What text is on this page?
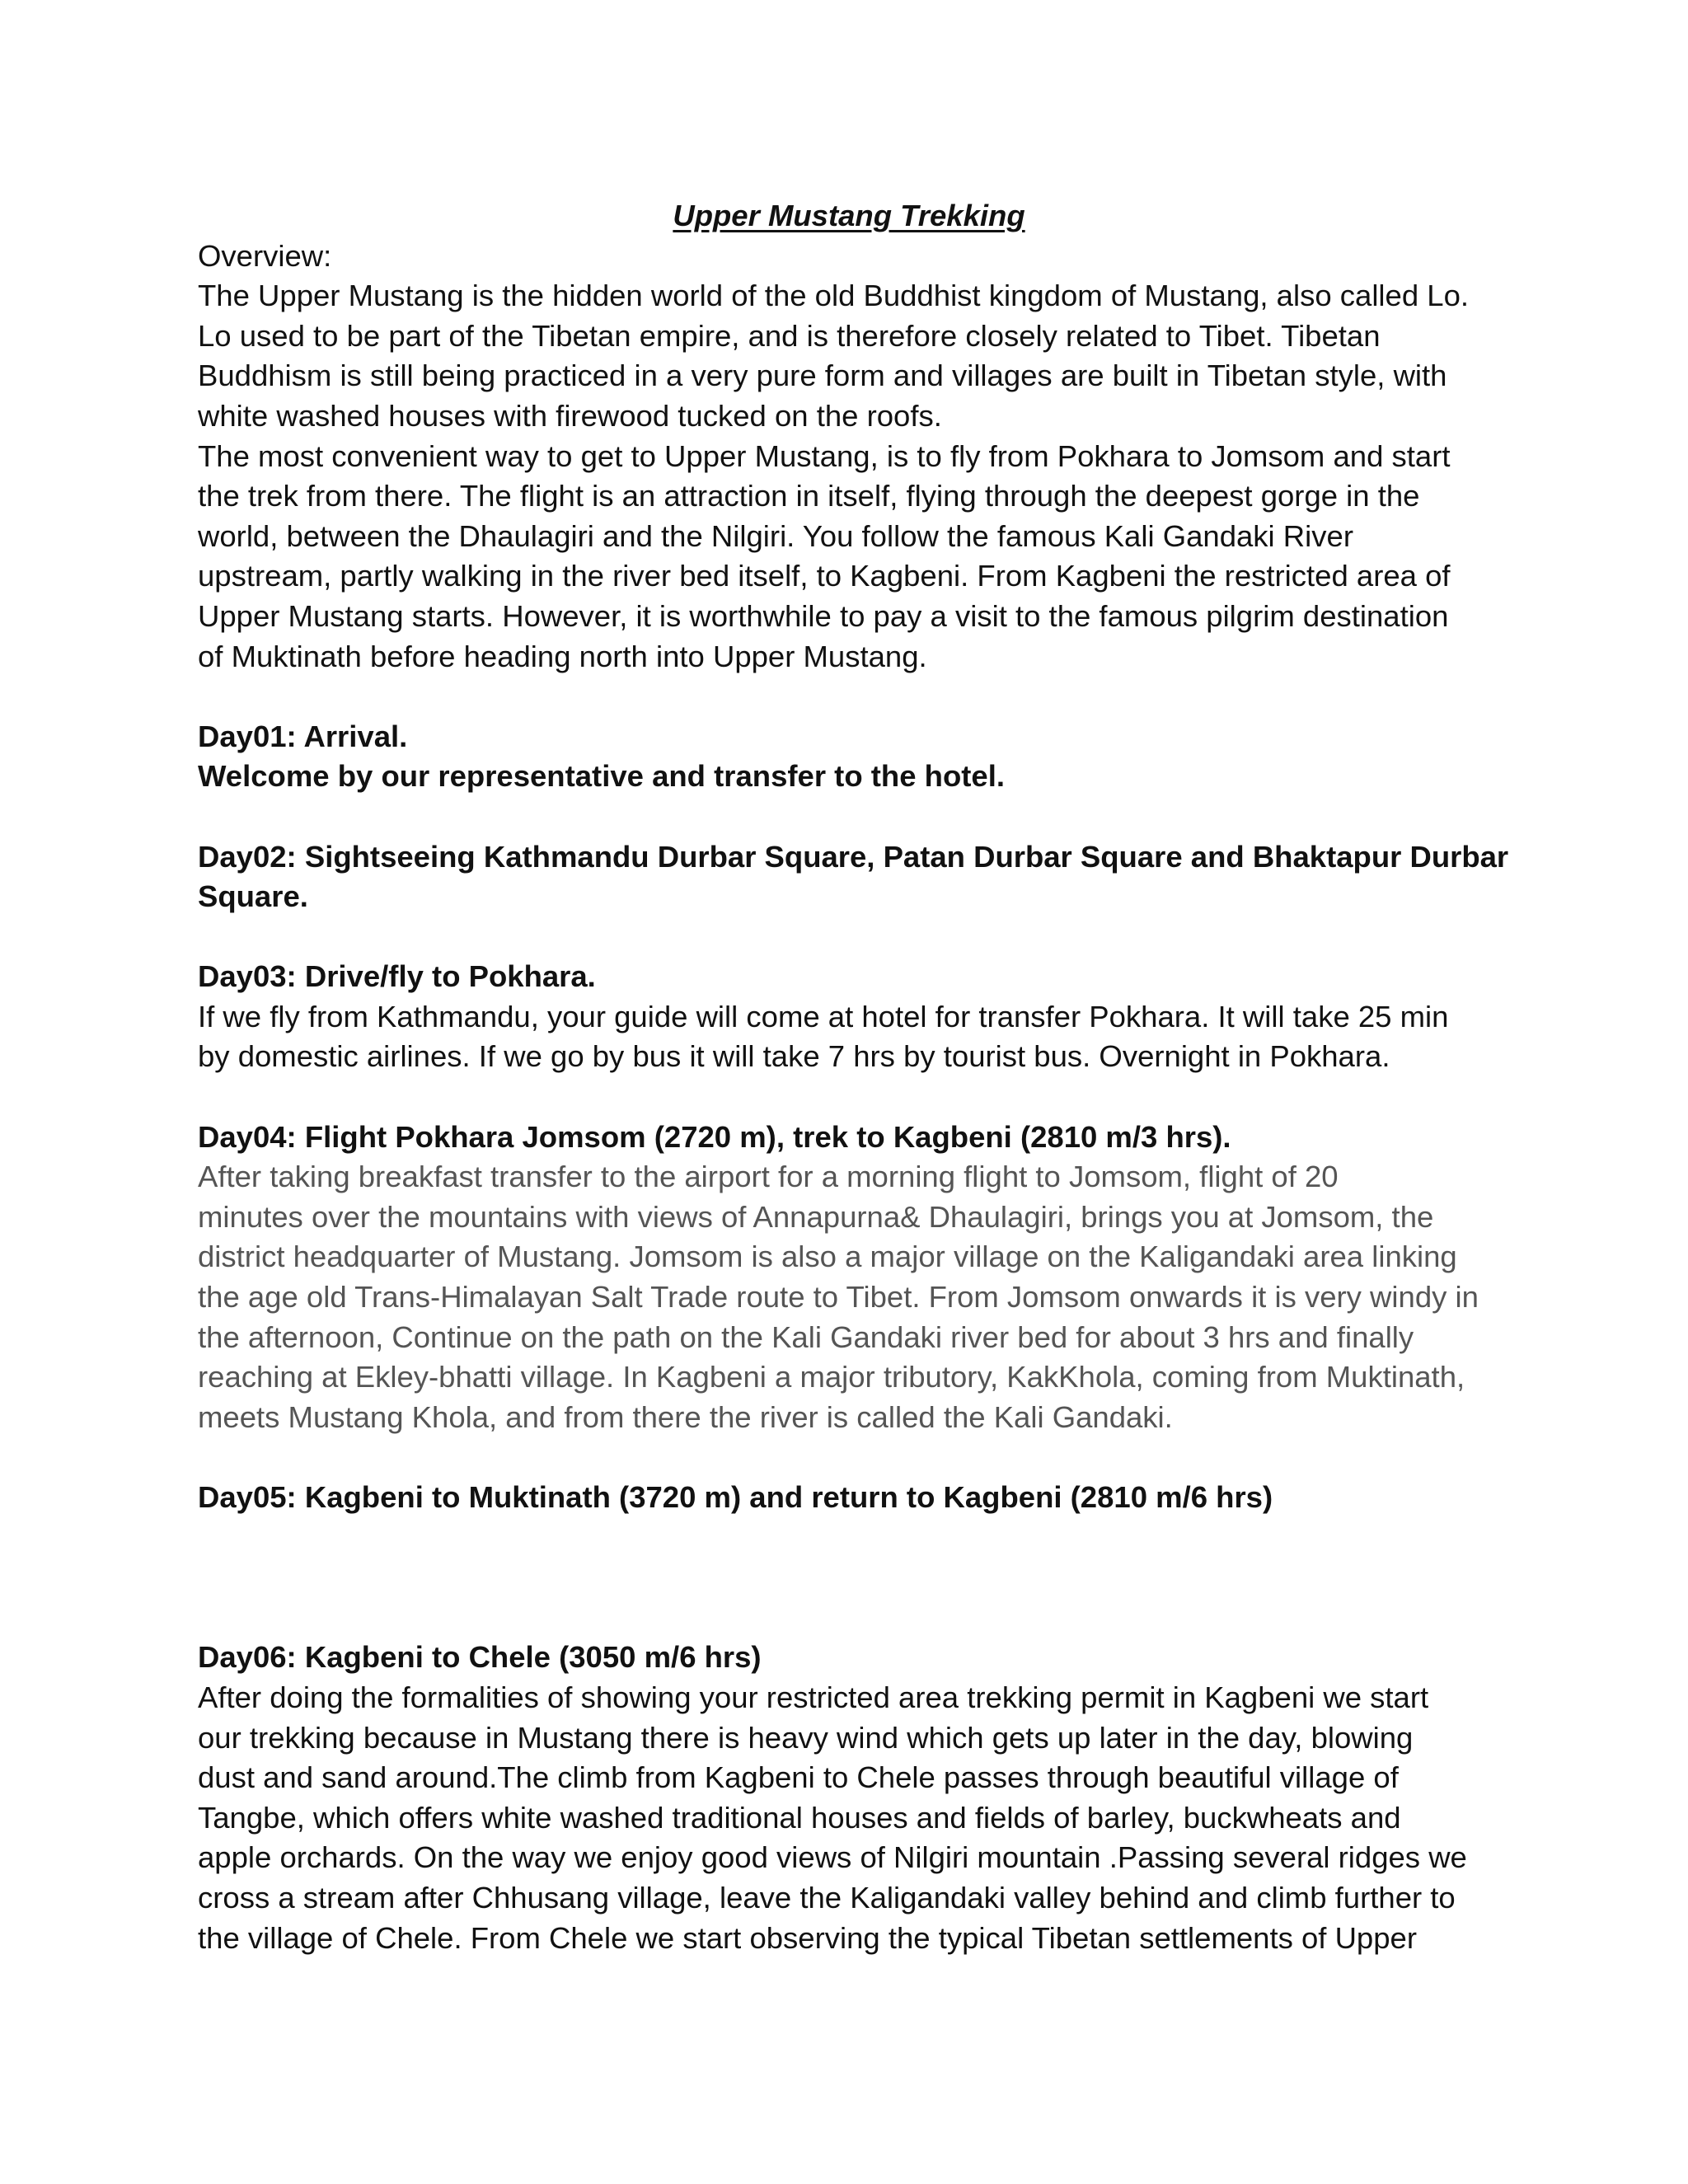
Upper Mustang Trekking
Overview:
The Upper Mustang is the hidden world of the old Buddhist kingdom of Mustang, also called Lo.
Lo used to be part of the Tibetan empire, and is therefore closely related to Tibet. Tibetan
Buddhism is still being practiced in a very pure form and villages are built in Tibetan style, with
white washed houses with firewood tucked on the roofs.
The most convenient way to get to Upper Mustang, is to fly from Pokhara to Jomsom and start
the trek from there. The flight is an attraction in itself, flying through the deepest gorge in the
world, between the Dhaulagiri and the Nilgiri. You follow the famous Kali Gandaki River
upstream, partly walking in the river bed itself, to Kagbeni. From Kagbeni the restricted area of
Upper Mustang starts. However, it is worthwhile to pay a visit to the famous pilgrim destination
of Muktinath before heading north into Upper Mustang.
Day01: Arrival.
Welcome by our representative and transfer to the hotel.
Day02: Sightseeing Kathmandu Durbar Square, Patan Durbar Square and Bhaktapur Durbar
Square.
Day03: Drive/fly to Pokhara.
If we fly from Kathmandu, your guide will come at hotel for transfer Pokhara. It will take 25 min
by domestic airlines. If we go by bus it will take 7 hrs by tourist bus. Overnight in Pokhara.
Day04: Flight Pokhara Jomsom (2720 m), trek to Kagbeni (2810 m/3 hrs).
After taking breakfast transfer to the airport for a morning flight to Jomsom, flight of 20
minutes over the mountains with views of Annapurna& Dhaulagiri, brings you at Jomsom, the
district headquarter of Mustang. Jomsom is also a major village on the Kaligandaki area linking
the age old Trans-Himalayan Salt Trade route to Tibet. From Jomsom onwards it is very windy in
the afternoon, Continue on the path on the Kali Gandaki river bed for about 3 hrs and finally
reaching at Ekley-bhatti village. In Kagbeni a major tributory, KakKhola, coming from Muktinath,
meets Mustang Khola, and from there the river is called the Kali Gandaki.
Day05: Kagbeni to Muktinath (3720 m) and return to Kagbeni (2810 m/6 hrs)
Day06: Kagbeni to Chele (3050 m/6 hrs)
After doing the formalities of showing your restricted area trekking permit in Kagbeni we start
our trekking because in Mustang there is heavy wind which gets up later in the day, blowing
dust and sand around.The climb from Kagbeni to Chele passes through beautiful village of
Tangbe, which offers white washed traditional houses and fields of barley, buckwheats and
apple orchards. On the way we enjoy good views of Nilgiri mountain .Passing several ridges we
cross a stream after Chhusang village, leave the Kaligandaki valley behind and climb further to
the village of Chele. From Chele we start observing the typical Tibetan settlements of Upper
